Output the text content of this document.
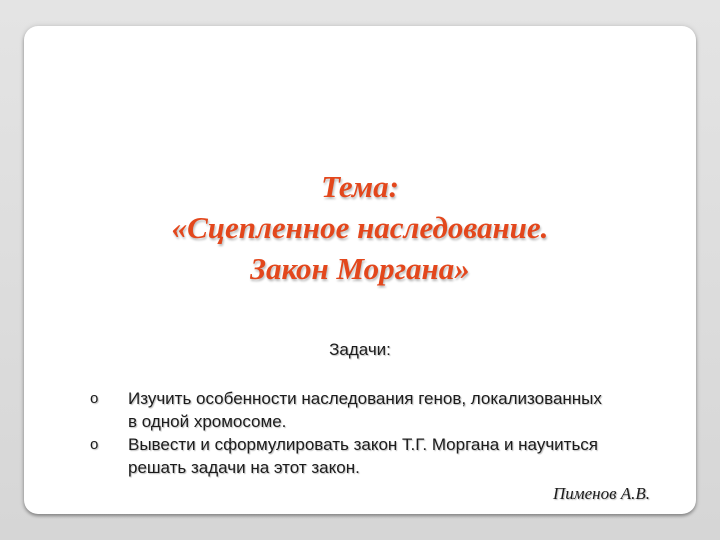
Тема:
«Сцепленное наследование.
Закон Моргана»
Задачи:
o Изучить особенности наследования генов, локализованных в одной хромосоме.
o Вывести и сформулировать закон Т.Г. Моргана и научиться решать задачи на этот закон.
Пименов А.В.
